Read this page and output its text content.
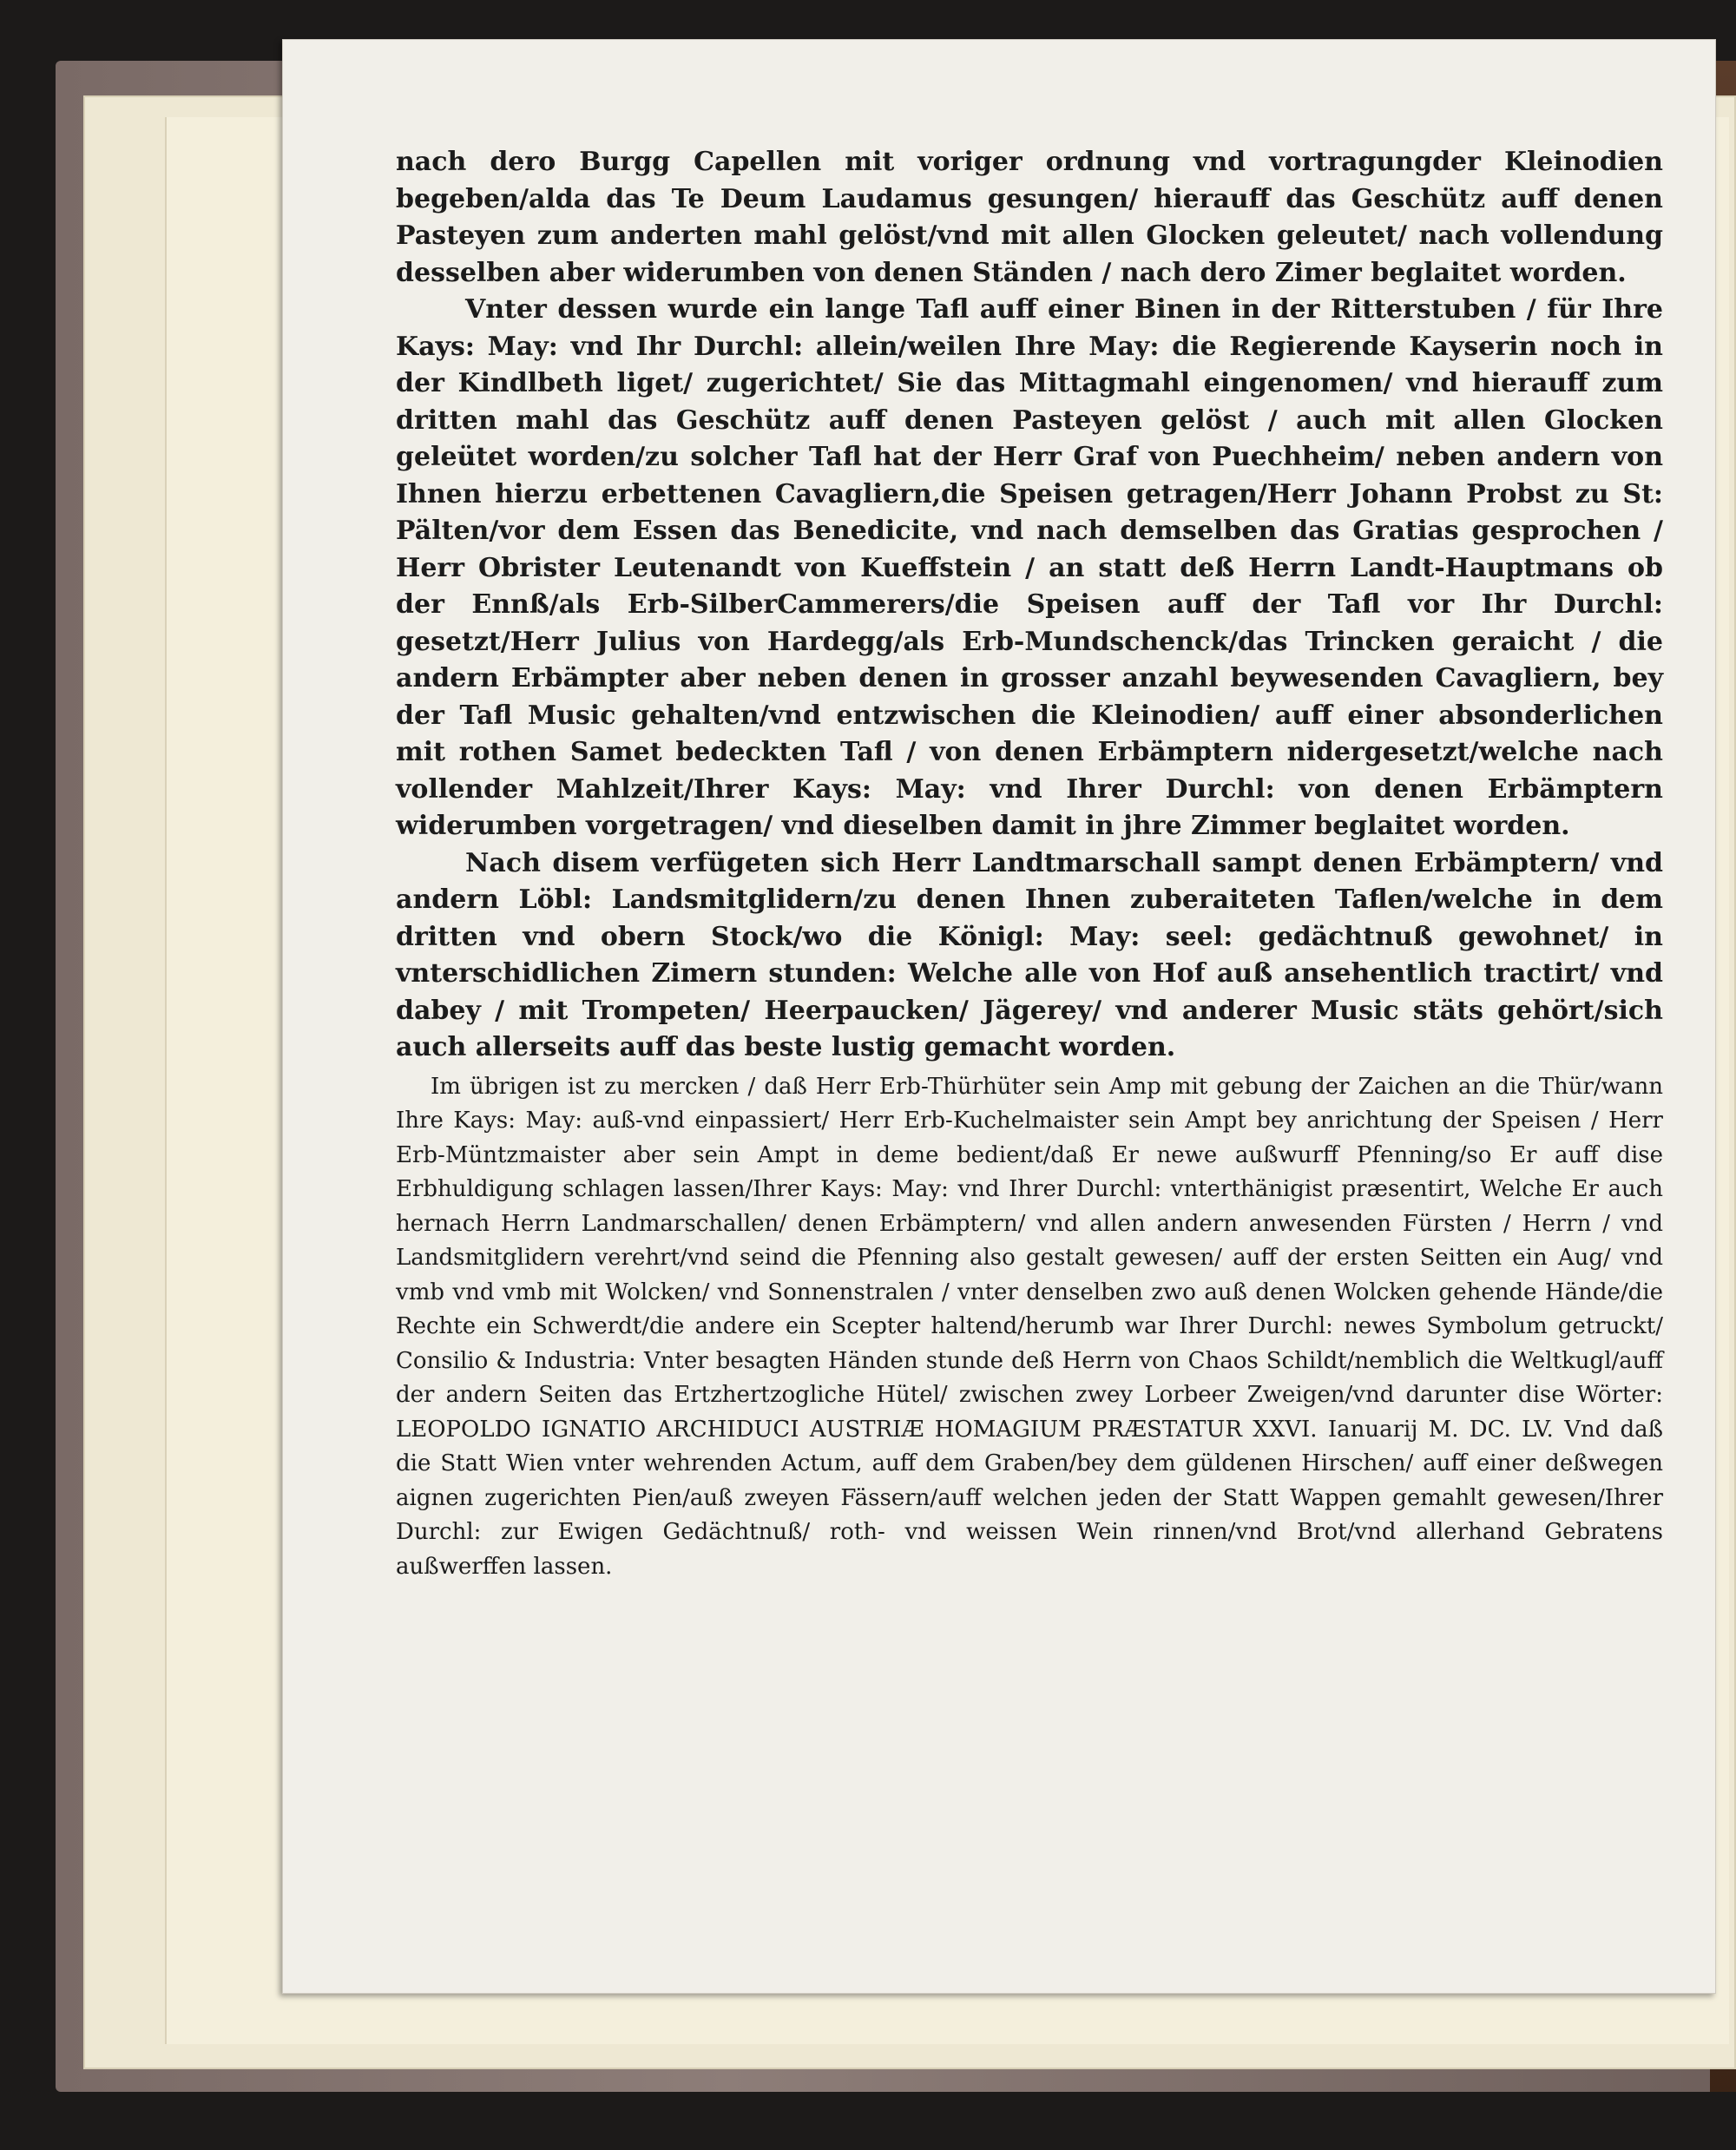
nach dero Burgg Capellen mit voriger ordnung vnd vortragungder Kleinodien begeben/alda das Te Deum Laudamus gesungen/ hierauff das Geschütz auff denen Pasteyen zum anderten mahl gelöst/vnd mit allen Glocken geleutet/ nach vollendung desselben aber widerumben von denen Ständen / nach dero Zimer beglaitet worden.

Vnter dessen wurde ein lange Tafl auff einer Binen in der Ritterstuben / für Ihre Kays: May: vnd Ihr Durchl: allein/weilen Ihre May: die Regierende Kayserin noch in der Kindlbeth liget/ zugerichtet/ Sie das Mittagmahl eingenomen/ vnd hierauff zum dritten mahl das Geschütz auff denen Pasteyen gelöst / auch mit allen Glocken geleütet worden/zu solcher Tafl hat der Herr Graf von Puechheim/ neben andern von Ihnen hierzu erbettenen Cavagliern,die Speisen getragen/Herr Johann Probst zu St: Pälten/vor dem Essen das Benedicite, vnd nach demselben das Gratias gesprochen / Herr Obrister Leutenandt von Kueffstein / an statt deß Herrn Landt-Hauptmans ob der Ennß/als Erb-SilberCammerers/die Speisen auff der Tafl vor Ihr Durchl: gesetzt/Herr Julius von Hardegg/als Erb-Mundschenck/das Trincken geraicht / die andern Erbämpter aber neben denen in grosser anzahl beywesenden Cavagliern, bey der Tafl Music gehalten/vnd entzwischen die Kleinodien/ auff einer absonderlichen mit rothen Samet bedeckten Tafl / von denen Erbämptern nidergesetzt/welche nach vollender Mahlzeit/Ihrer Kays: May: vnd Ihrer Durchl: von denen Erbämptern widerumben vorgetragen/ vnd dieselben damit in jhre Zimmer beglaitet worden.

Nach disem verfügeten sich Herr Landtmarschall sampt denen Erbämptern/ vnd andern Löbl: Landsmitglidern/zu denen Ihnen zuberaiteten Taflen/welche in dem dritten vnd obern Stock/wo die Königl: May: seel: gedächtnuß gewohnet/ in vnterschidlichen Zimern stunden: Welche alle von Hof auß ansehentlich tractirt/ vnd dabey / mit Trompeten/ Heerpaucken/ Jägerey/ vnd anderer Music stäts gehört/sich auch allerseits auff das beste lustig gemacht worden.

Im übrigen ist zu mercken / daß Herr Erb-Thürhüter sein Amp mit gebung der Zaichen an die Thür/wann Ihre Kays: May: auß-vnd einpassiert/ Herr Erb-Kuchelmaister sein Ampt bey anrichtung der Speisen / Herr Erb-Müntzmaister aber sein Ampt in deme bedient/daß Er newe außwurff Pfenning/so Er auff dise Erbhuldigung schlagen lassen/Ihrer Kays: May: vnd Ihrer Durchl: vnterthänigist præsentirt, Welche Er auch hernach Herrn Landmarschallen/ denen Erbämptern/ vnd allen andern anwesenden Fürsten / Herrn / vnd Landsmitglidern verehrt/vnd seind die Pfenning also gestalt gewesen/ auff der ersten Seitten ein Aug/ vnd vmb vnd vmb mit Wolcken/ vnd Sonnenstralen / vnter denselben zwo auß denen Wolcken gehende Hände/die Rechte ein Schwerdt/die andere ein Scepter haltend/herumb war Ihrer Durchl: newes Symbolum getruckt/ Consilio & Industria: Vnter besagten Händen stunde deß Herrn von Chaos Schildt/nemblich die Weltkugl/auff der andern Seiten das Ertzhertzogliche Hütel/ zwischen zwey Lorbeer Zweigen/vnd darunter dise Wörter: LEOPOLDO IGNATIO ARCHIDUCI AUSTRIÆ HOMAGIUM PRÆSTATUR XXVI. Ianuarij M. DC. LV. Vnd daß die Statt Wien vnter wehrenden Actum, auff dem Graben/bey dem güldenen Hirschen/ auff einer deßwegen aignen zugerichten Pien/auß zweyen Fässern/auff welchen jeden der Statt Wappen gemahlt gewesen/Ihrer Durchl: zur Ewigen Gedächtnuß/ roth- vnd weissen Wein rinnen/vnd Brot/vnd allerhand Gebratens außwerffen lassen.
